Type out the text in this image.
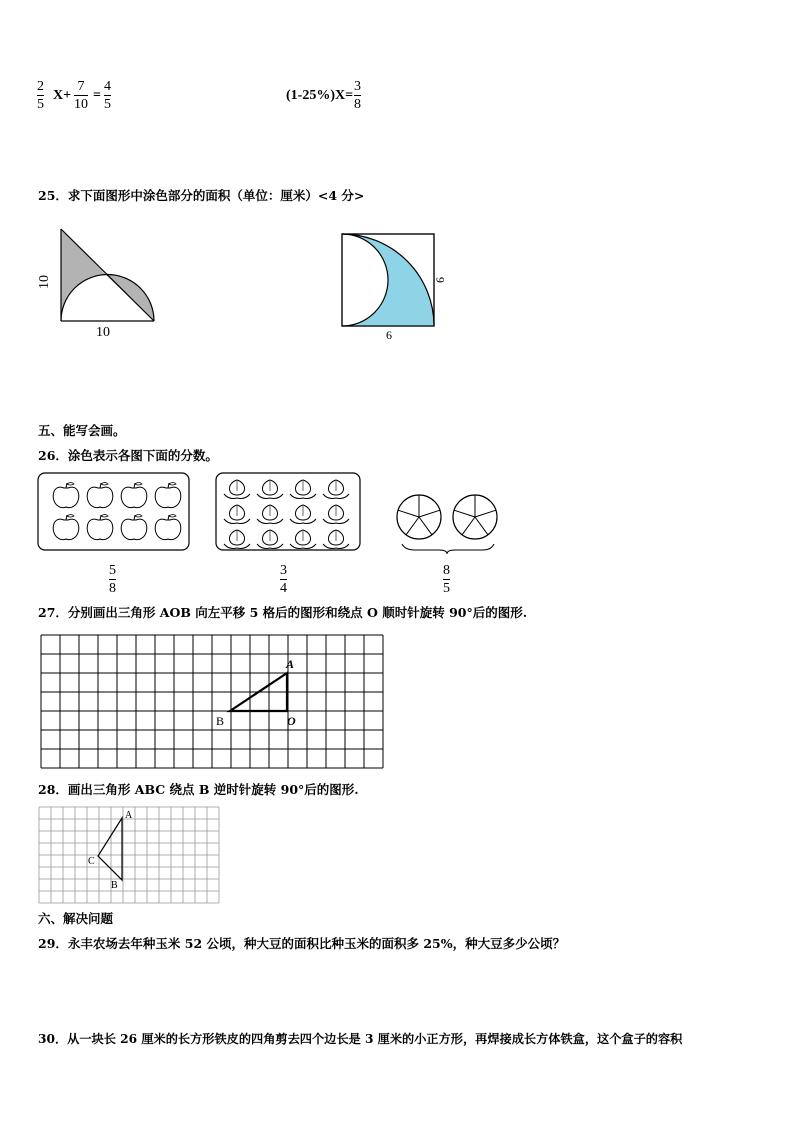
2
5
X+
7
10
=
4
5
(1-25%)X=
3
8
25．求下面图形中涂色部分的面积（单位：厘米）<4 分>
10
10
6
6
五、能写会画。
26．涂色表示各图下面的分数。
5
8
3
4
8
5
27．分别画出三角形 AOB 向左平移 5 格后的图形和绕点 O 顺时针旋转 90°后的图形.
A
B	O
28．画出三角形 ABC 绕点 B 逆时针旋转 90°后的图形.
A
B
C
六、解决问题
29．永丰农场去年种玉米 52 公顷，种大豆的面积比种玉米的面积多 25%，种大豆多少公顷？
30．从一块长 26 厘米的长方形铁皮的四角剪去四个边长是 3 厘米的小正方形，再焊接成长方体铁盒，这个盒子的容积
